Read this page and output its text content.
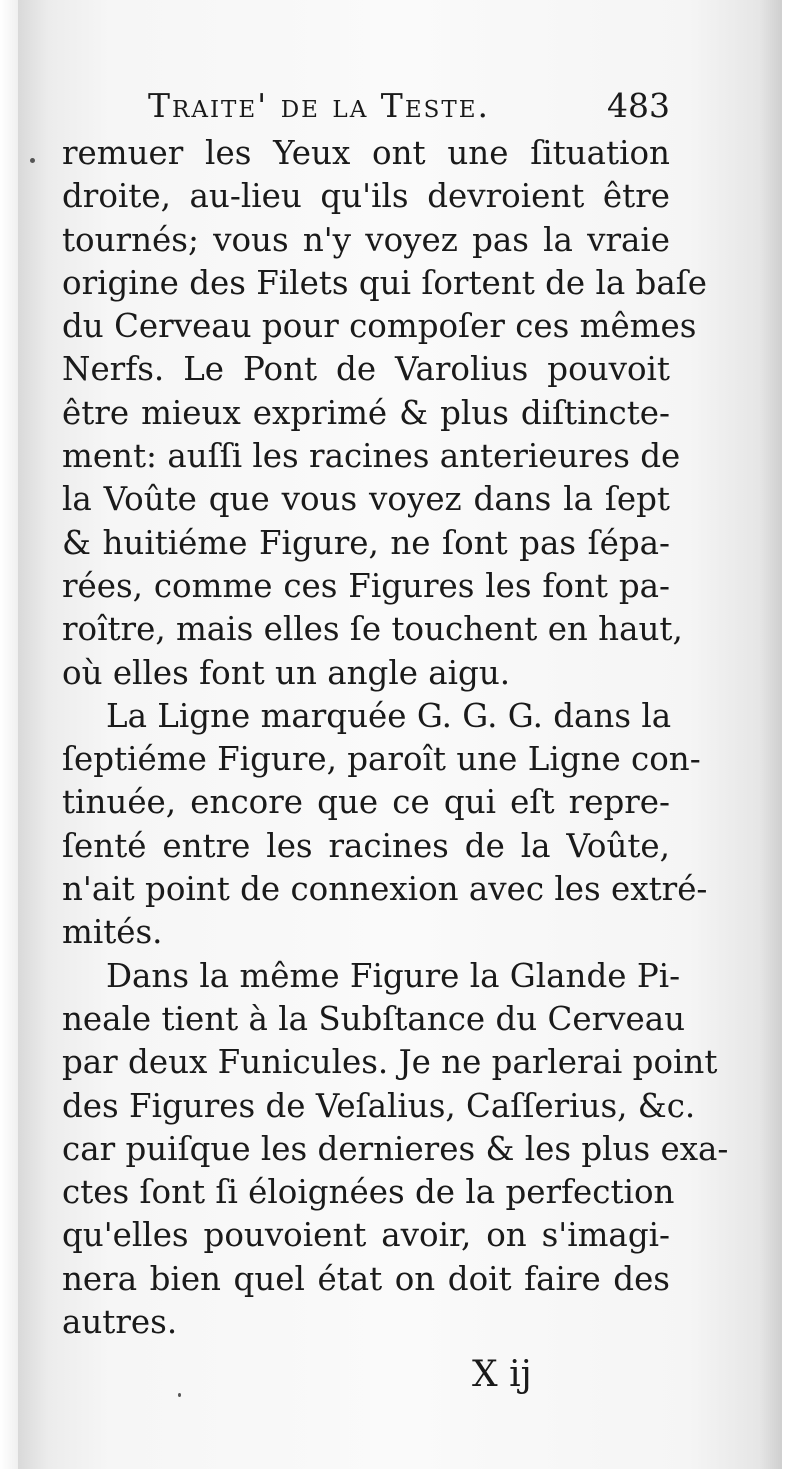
Traite' de la Teste.	483
remuer les Yeux ont une ſituation
droite, au-lieu qu'ils devroient être
tournés; vous n'y voyez pas la vraie
origine des Filets qui ſortent de la baſe
du Cerveau pour compoſer ces mêmes
Nerfs. Le Pont de Varolius pouvoit
être mieux exprimé & plus diſtincte-
ment: auſſi les racines anterieures de
la Voûte que vous voyez dans la ſept
& huitiéme Figure, ne ſont pas ſépa-
rées, comme ces Figures les font pa-
roître, mais elles ſe touchent en haut,
où elles font un angle aigu.
La Ligne marquée G. G. G. dans la
ſeptiéme Figure, paroît une Ligne con-
tinuée, encore que ce qui eſt repre-
ſenté entre les racines de la Voûte,
n'ait point de connexion avec les extré-
mités.
Dans la même Figure la Glande Pi-
neale tient à la Subſtance du Cerveau
par deux Funicules. Je ne parlerai point
des Figures de Veſalius, Caſſerius, &c.
car puiſque les dernieres & les plus exa-
ctes ſont ſi éloignées de la perfection
qu'elles pouvoient avoir, on s'imagi-
nera bien quel état on doit faire des
autres.
X ij
